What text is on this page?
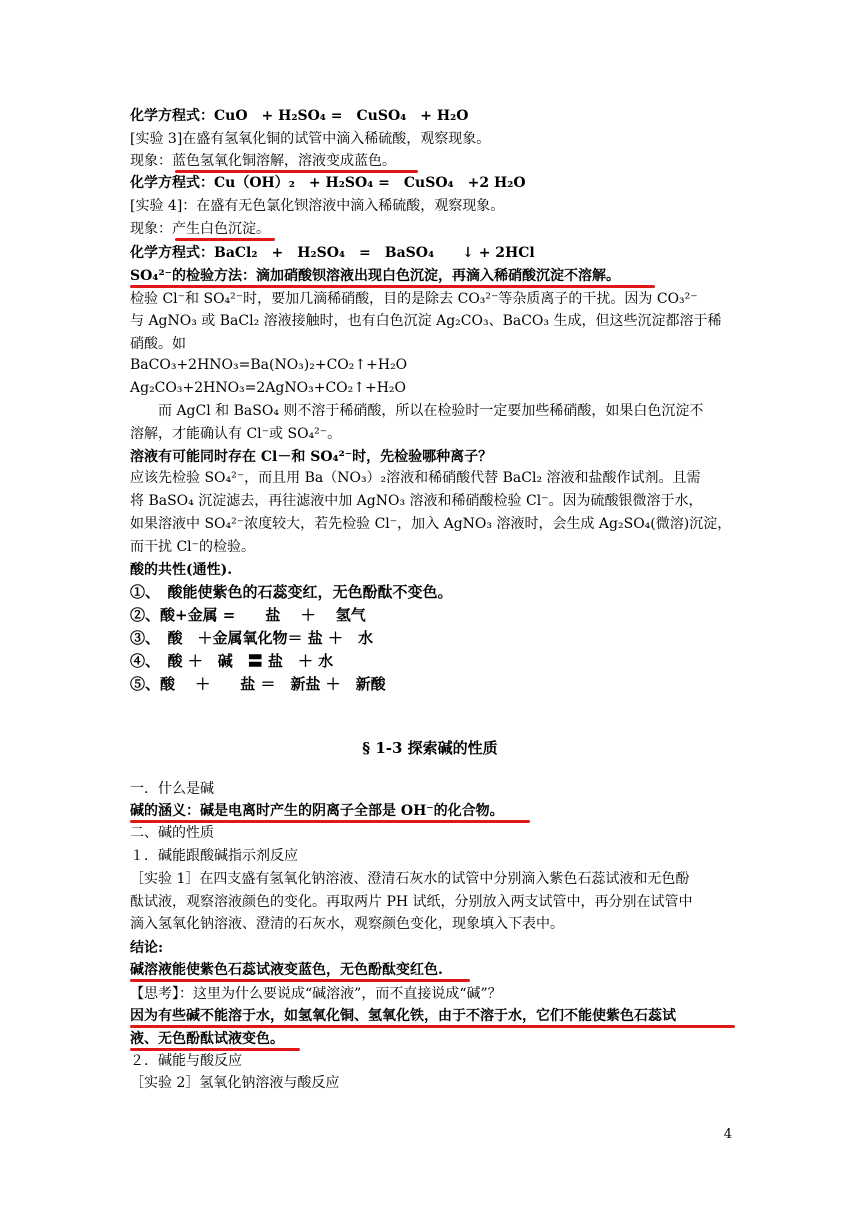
化学方程式：CuO　+ H₂SO₄ =　CuSO₄　+ H₂O
[实验 3]在盛有氢氧化铜的试管中滴入稀硫酸，观察现象。
现象：蓝色氢氧化铜溶解，溶液变成蓝色。
化学方程式：Cu（OH）₂　+ H₂SO₄ =　CuSO₄　+2 H₂O
[实验 4]：在盛有无色氯化钡溶液中滴入稀硫酸，观察现象。
现象：产生白色沉淀。
化学方程式：BaCl₂　+　H₂SO₄　=　BaSO₄　　↓ + 2HCl
SO₄²⁻的检验方法：滴加硝酸钡溶液出现白色沉淀，再滴入稀硝酸沉淀不溶解。
检验 Cl⁻和 SO₄²⁻时，要加几滴稀硝酸，目的是除去 CO₃²⁻等杂质离子的干扰。因为 CO₃²⁻
与 AgNO₃ 或 BaCl₂ 溶液接触时，也有白色沉淀 Ag₂CO₃、BaCO₃ 生成，但这些沉淀都溶于稀
硝酸。如
BaCO₃+2HNO₃=Ba(NO₃)₂+CO₂↑+H₂O
Ag₂CO₃+2HNO₃=2AgNO₃+CO₂↑+H₂O
而 AgCl 和 BaSO₄ 则不溶于稀硝酸，所以在检验时一定要加些稀硝酸，如果白色沉淀不
溶解，才能确认有 Cl⁻或 SO₄²⁻。
溶液有可能同时存在 Cl－和 SO₄²⁻时，先检验哪种离子？
应该先检验 SO₄²⁻，而且用 Ba（NO₃）₂溶液和稀硝酸代替 BaCl₂ 溶液和盐酸作试剂。且需
将 BaSO₄ 沉淀滤去，再往滤液中加 AgNO₃ 溶液和稀硝酸检验 Cl⁻。因为硫酸银微溶于水，
如果溶液中 SO₄²⁻浓度较大，若先检验 Cl⁻，加入 AgNO₃ 溶液时，会生成 Ag₂SO₄(微溶)沉淀，
而干扰 Cl⁻的检验。
酸的共性(通性).
①、　酸能使紫色的石蕊变红，无色酚酞不变色。
②、酸+金属 =　　盐　 ＋　 氢气
③、　酸　＋金属氧化物＝ 盐 ＋　水
④、　酸 ＋　碱　〓 盐　＋ 水
⑤、酸　 ＋　　盐 ＝　新盐 ＋　新酸
§ 1-3 探索碱的性质
一．什么是碱
碱的涵义：碱是电离时产生的阴离子全部是 OH⁻的化合物。
二、碱的性质
１．碱能跟酸碱指示剂反应
［实验 1］在四支盛有氢氧化钠溶液、澄清石灰水的试管中分别滴入紫色石蕊试液和无色酚
酞试液，观察溶液颜色的变化。再取两片 PH 试纸，分别放入两支试管中，再分别在试管中
滴入氢氧化钠溶液、澄清的石灰水，观察颜色变化，现象填入下表中。
结论:
碱溶液能使紫色石蕊试液变蓝色，无色酚酞变红色.
【思考】：这里为什么要说成“碱溶液”，而不直接说成“碱”？
因为有些碱不能溶于水，如氢氧化铜、氢氧化铁，由于不溶于水，它们不能使紫色石蕊试
液、无色酚酞试液变色。
２．碱能与酸反应
［实验 2］氢氧化钠溶液与酸反应
4
